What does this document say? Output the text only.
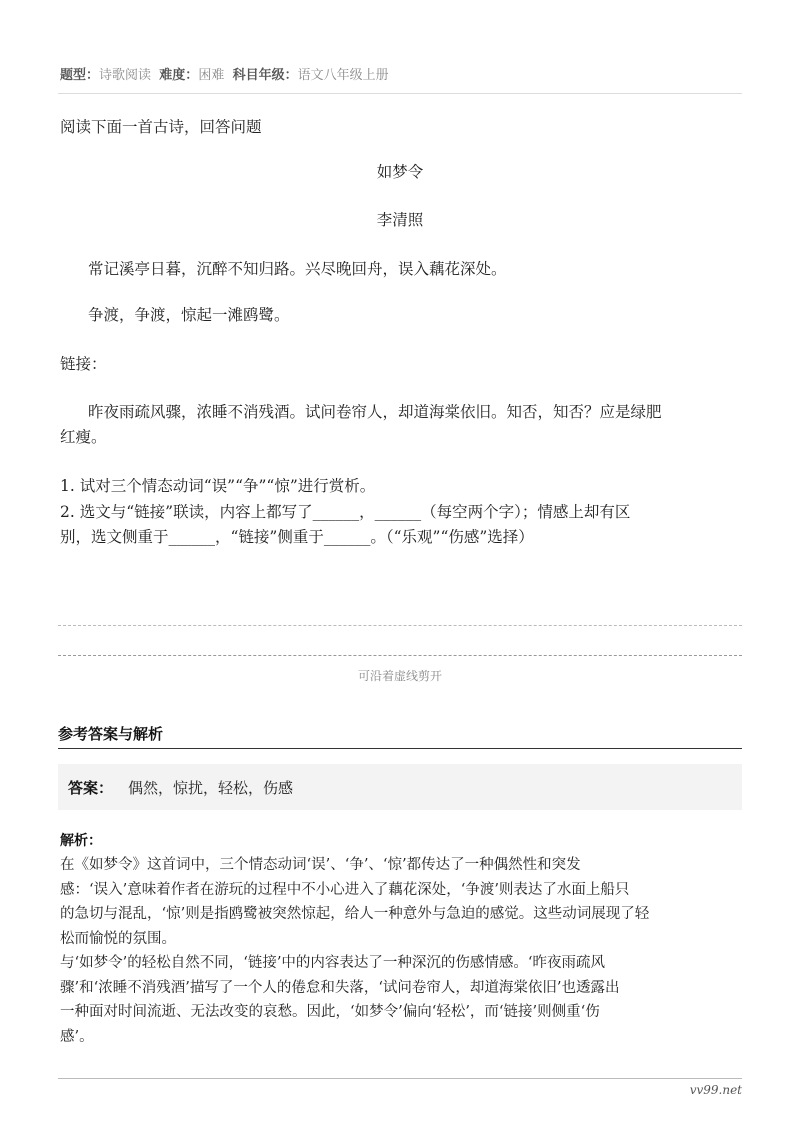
题型：诗歌阅读 难度：困难 科目年级：语文八年级上册
阅读下面一首古诗，回答问题
如梦令
李清照
常记溪亭日暮，沉醉不知归路。兴尽晚回舟，误入藕花深处。
争渡，争渡，惊起一滩鸥鹭。
链接：
昨夜雨疏风骤，浓睡不消残酒。试问卷帘人，却道海棠依旧。知否，知否？应是绿肥
红瘦。
1. 试对三个情态动词“误”“争”“惊”进行赏析。
2. 选文与“链接”联读，内容上都写了______，______（每空两个字）；情感上却有区
别，选文侧重于______，“链接”侧重于______。（“乐观”“伤感”选择）
可沿着虚线剪开
参考答案与解析
答案： 偶然，惊扰，轻松，伤感
解析：
在《如梦令》这首词中，三个情态动词‘误’、‘争’、‘惊’都传达了一种偶然性和突发
感：‘误入’意味着作者在游玩的过程中不小心进入了藕花深处，‘争渡’则表达了水面上船只
的急切与混乱，‘惊’则是指鸥鹭被突然惊起，给人一种意外与急迫的感觉。这些动词展现了轻
松而愉悦的氛围。
与‘如梦令’的轻松自然不同，‘链接’中的内容表达了一种深沉的伤感情感。‘昨夜雨疏风
骤’和‘浓睡不消残酒’描写了一个人的倦怠和失落，‘试问卷帘人，却道海棠依旧’也透露出
一种面对时间流逝、无法改变的哀愁。因此，‘如梦令’偏向‘轻松’，而‘链接’则侧重‘伤
感’。
vv99.net
